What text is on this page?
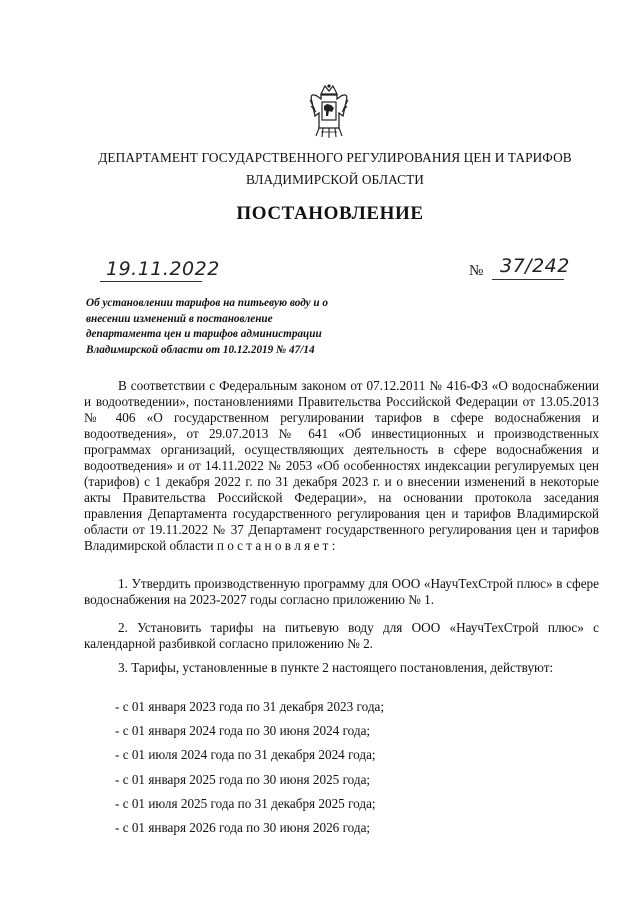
ДЕПАРТАМЕНТ ГОСУДАРСТВЕННОГО РЕГУЛИРОВАНИЯ ЦЕН И ТАРИФОВ
ВЛАДИМИРСКОЙ ОБЛАСТИ
ПОСТАНОВЛЕНИЕ
19.11.2022	№ 37/242
Об установлении тарифов на питьевую воду и о
внесении изменений в постановление
департамента цен и тарифов администрации
Владимирской области от 10.12.2019 № 47/14
В соответствии с Федеральным законом от 07.12.2011 № 416-ФЗ «О водоснабжении и водоотведении», постановлениями Правительства Российской Федерации от 13.05.2013 № 406 «О государственном регулировании тарифов в сфере водоснабжения и водоотведения», от 29.07.2013 № 641 «Об инвестиционных и производственных программах организаций, осуществляющих деятельность в сфере водоснабжения и водоотведения» и от 14.11.2022 № 2053 «Об особенностях индексации регулируемых цен (тарифов) с 1 декабря 2022 г. по 31 декабря 2023 г. и о внесении изменений в некоторые акты Правительства Российской Федерации», на основании протокола заседания правления Департамента государственного регулирования цен и тарифов Владимирской области от 19.11.2022 № 37 Департамент государственного регулирования цен и тарифов Владимирской области п о с т а н о в л я е т :
1. Утвердить производственную программу для ООО «НаучТехСтрой плюс» в сфере водоснабжения на 2023-2027 годы согласно приложению № 1.
2. Установить тарифы на питьевую воду для ООО «НаучТехСтрой плюс» с календарной разбивкой согласно приложению № 2.
3. Тарифы, установленные в пункте 2 настоящего постановления, действуют:
- с 01 января 2023 года по 31 декабря 2023 года;
- с 01 января 2024 года по 30 июня 2024 года;
- с 01 июля 2024 года по 31 декабря 2024 года;
- с 01 января 2025 года по 30 июня 2025 года;
- с 01 июля 2025 года по 31 декабря 2025 года;
- с 01 января 2026 года по 30 июня 2026 года;
